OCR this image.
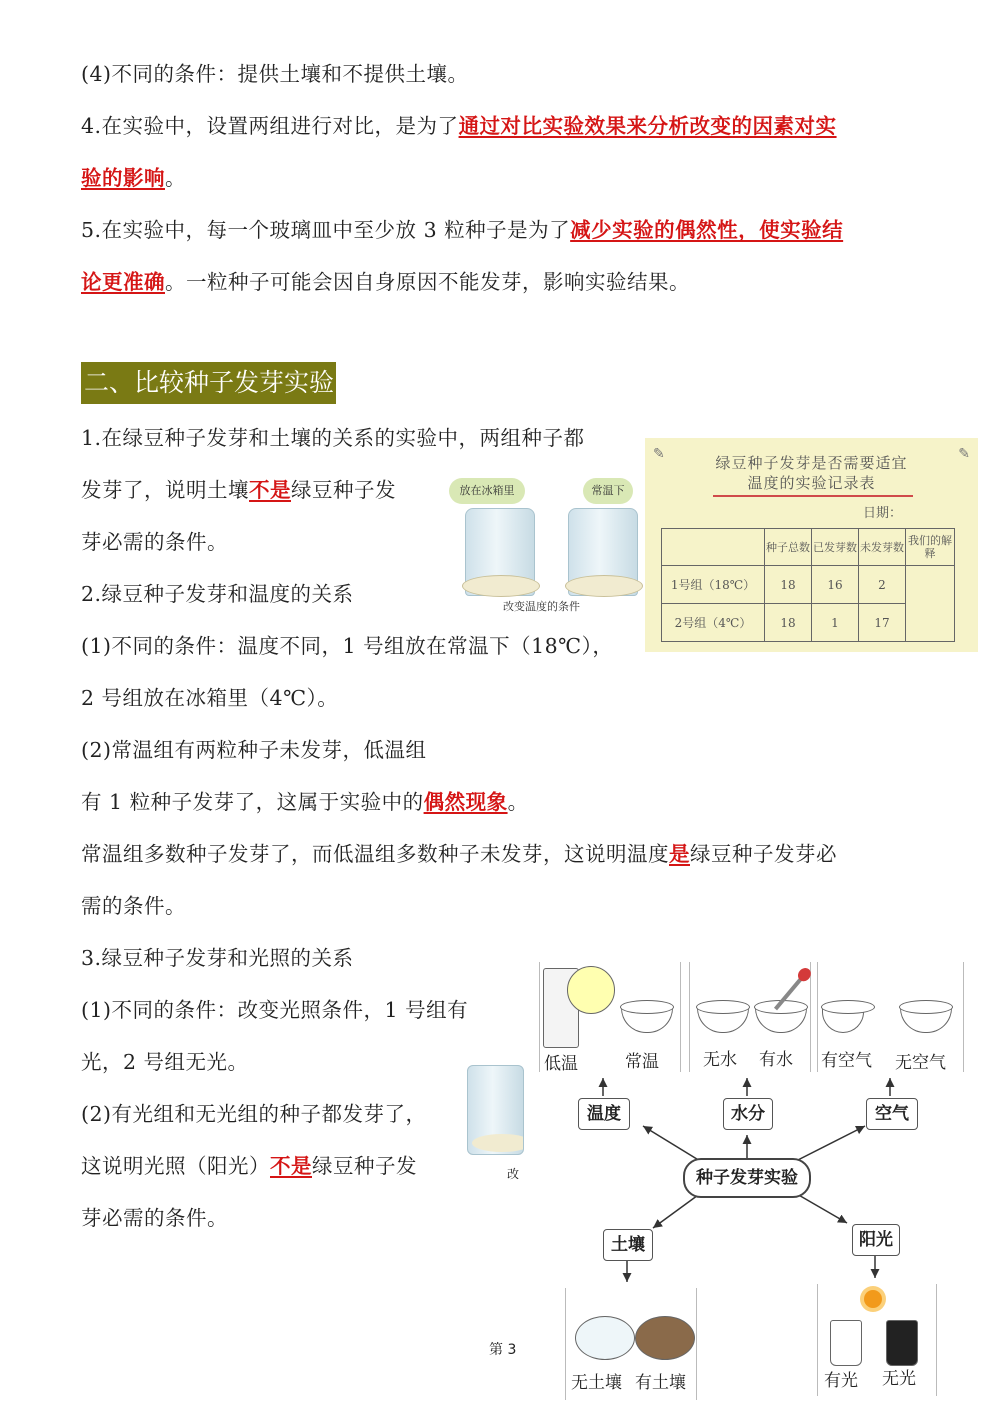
(4)不同的条件：提供土壤和不提供土壤。
4.在实验中，设置两组进行对比，是为了通过对比实验效果来分析改变的因素对实
验的影响。
5.在实验中，每一个玻璃皿中至少放 3 粒种子是为了减少实验的偶然性，使实验结
论更准确。一粒种子可能会因自身原因不能发芽，影响实验结果。
二、比较种子发芽实验
1.在绿豆种子发芽和土壤的关系的实验中，两组种子都
发芽了，说明土壤不是绿豆种子发
芽必需的条件。
2.绿豆种子发芽和温度的关系
(1)不同的条件：温度不同，1 号组放在常温下（18℃），
2 号组放在冰箱里（4℃）。
(2)常温组有两粒种子未发芽，低温组
有 1 粒种子发芽了，这属于实验中的偶然现象。
常温组多数种子发芽了，而低温组多数种子未发芽，这说明温度是绿豆种子发芽必
需的条件。
3.绿豆种子发芽和光照的关系
(1)不同的条件：改变光照条件，1 号组有
光，2 号组无光。
(2)有光组和无光组的种子都发芽了，
这说明光照（阳光）不是绿豆种子发
芽必需的条件。
放在冰箱里	常温下
改变温度的条件
✎	✎
绿豆种子发芽是否需要适宜
温度的实验记录表
日期：
	种子总数	已发芽数	未发芽数	我们的解释
1号组（18℃）	18	16	2	
2号组（4℃）	18	1	17	
改
低温	常温	无水 有水 有空气 无空气
温度	水分	空气
种子发芽实验
土壤	阳光
无土壤 有土壤	有光 无光
第 3
